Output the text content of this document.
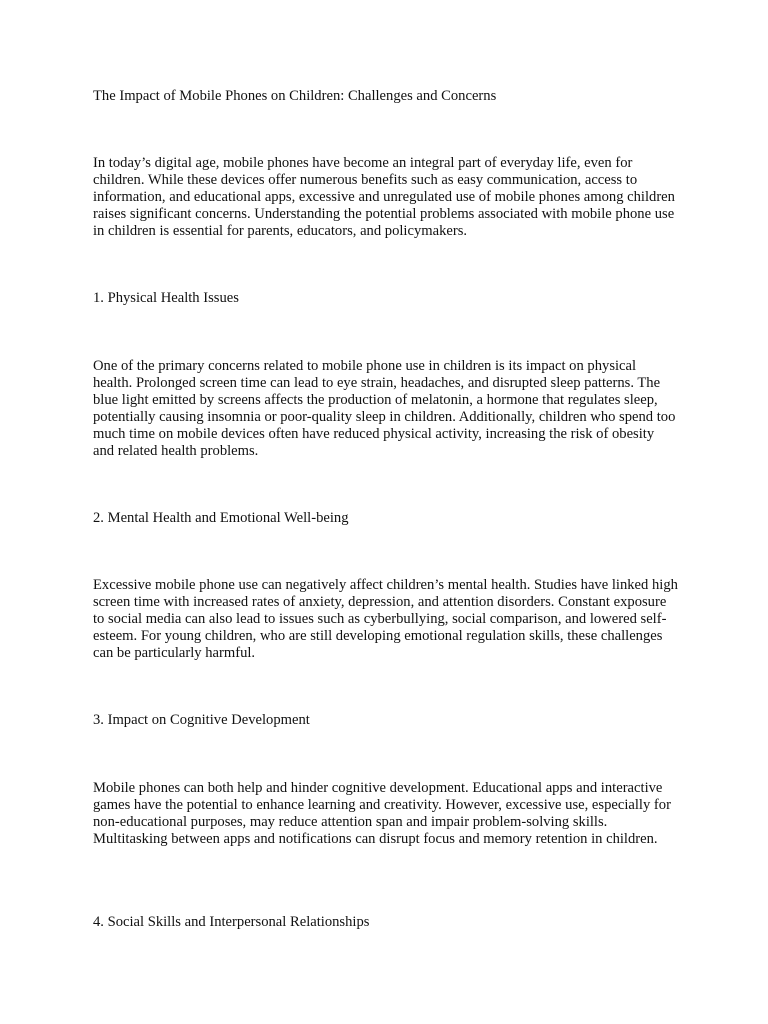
The Impact of Mobile Phones on Children: Challenges and Concerns

In today’s digital age, mobile phones have become an integral part of everyday life, even for children. While these devices offer numerous benefits such as easy communication, access to information, and educational apps, excessive and unregulated use of mobile phones among children raises significant concerns. Understanding the potential problems associated with mobile phone use in children is essential for parents, educators, and policymakers.

1. Physical Health Issues

One of the primary concerns related to mobile phone use in children is its impact on physical health. Prolonged screen time can lead to eye strain, headaches, and disrupted sleep patterns. The blue light emitted by screens affects the production of melatonin, a hormone that regulates sleep, potentially causing insomnia or poor-quality sleep in children. Additionally, children who spend too much time on mobile devices often have reduced physical activity, increasing the risk of obesity and related health problems.

2. Mental Health and Emotional Well-being

Excessive mobile phone use can negatively affect children’s mental health. Studies have linked high screen time with increased rates of anxiety, depression, and attention disorders. Constant exposure to social media can also lead to issues such as cyberbullying, social comparison, and lowered self-esteem. For young children, who are still developing emotional regulation skills, these challenges can be particularly harmful.

3. Impact on Cognitive Development

Mobile phones can both help and hinder cognitive development. Educational apps and interactive games have the potential to enhance learning and creativity. However, excessive use, especially for non-educational purposes, may reduce attention span and impair problem-solving skills. Multitasking between apps and notifications can disrupt focus and memory retention in children.

4. Social Skills and Interpersonal Relationships
